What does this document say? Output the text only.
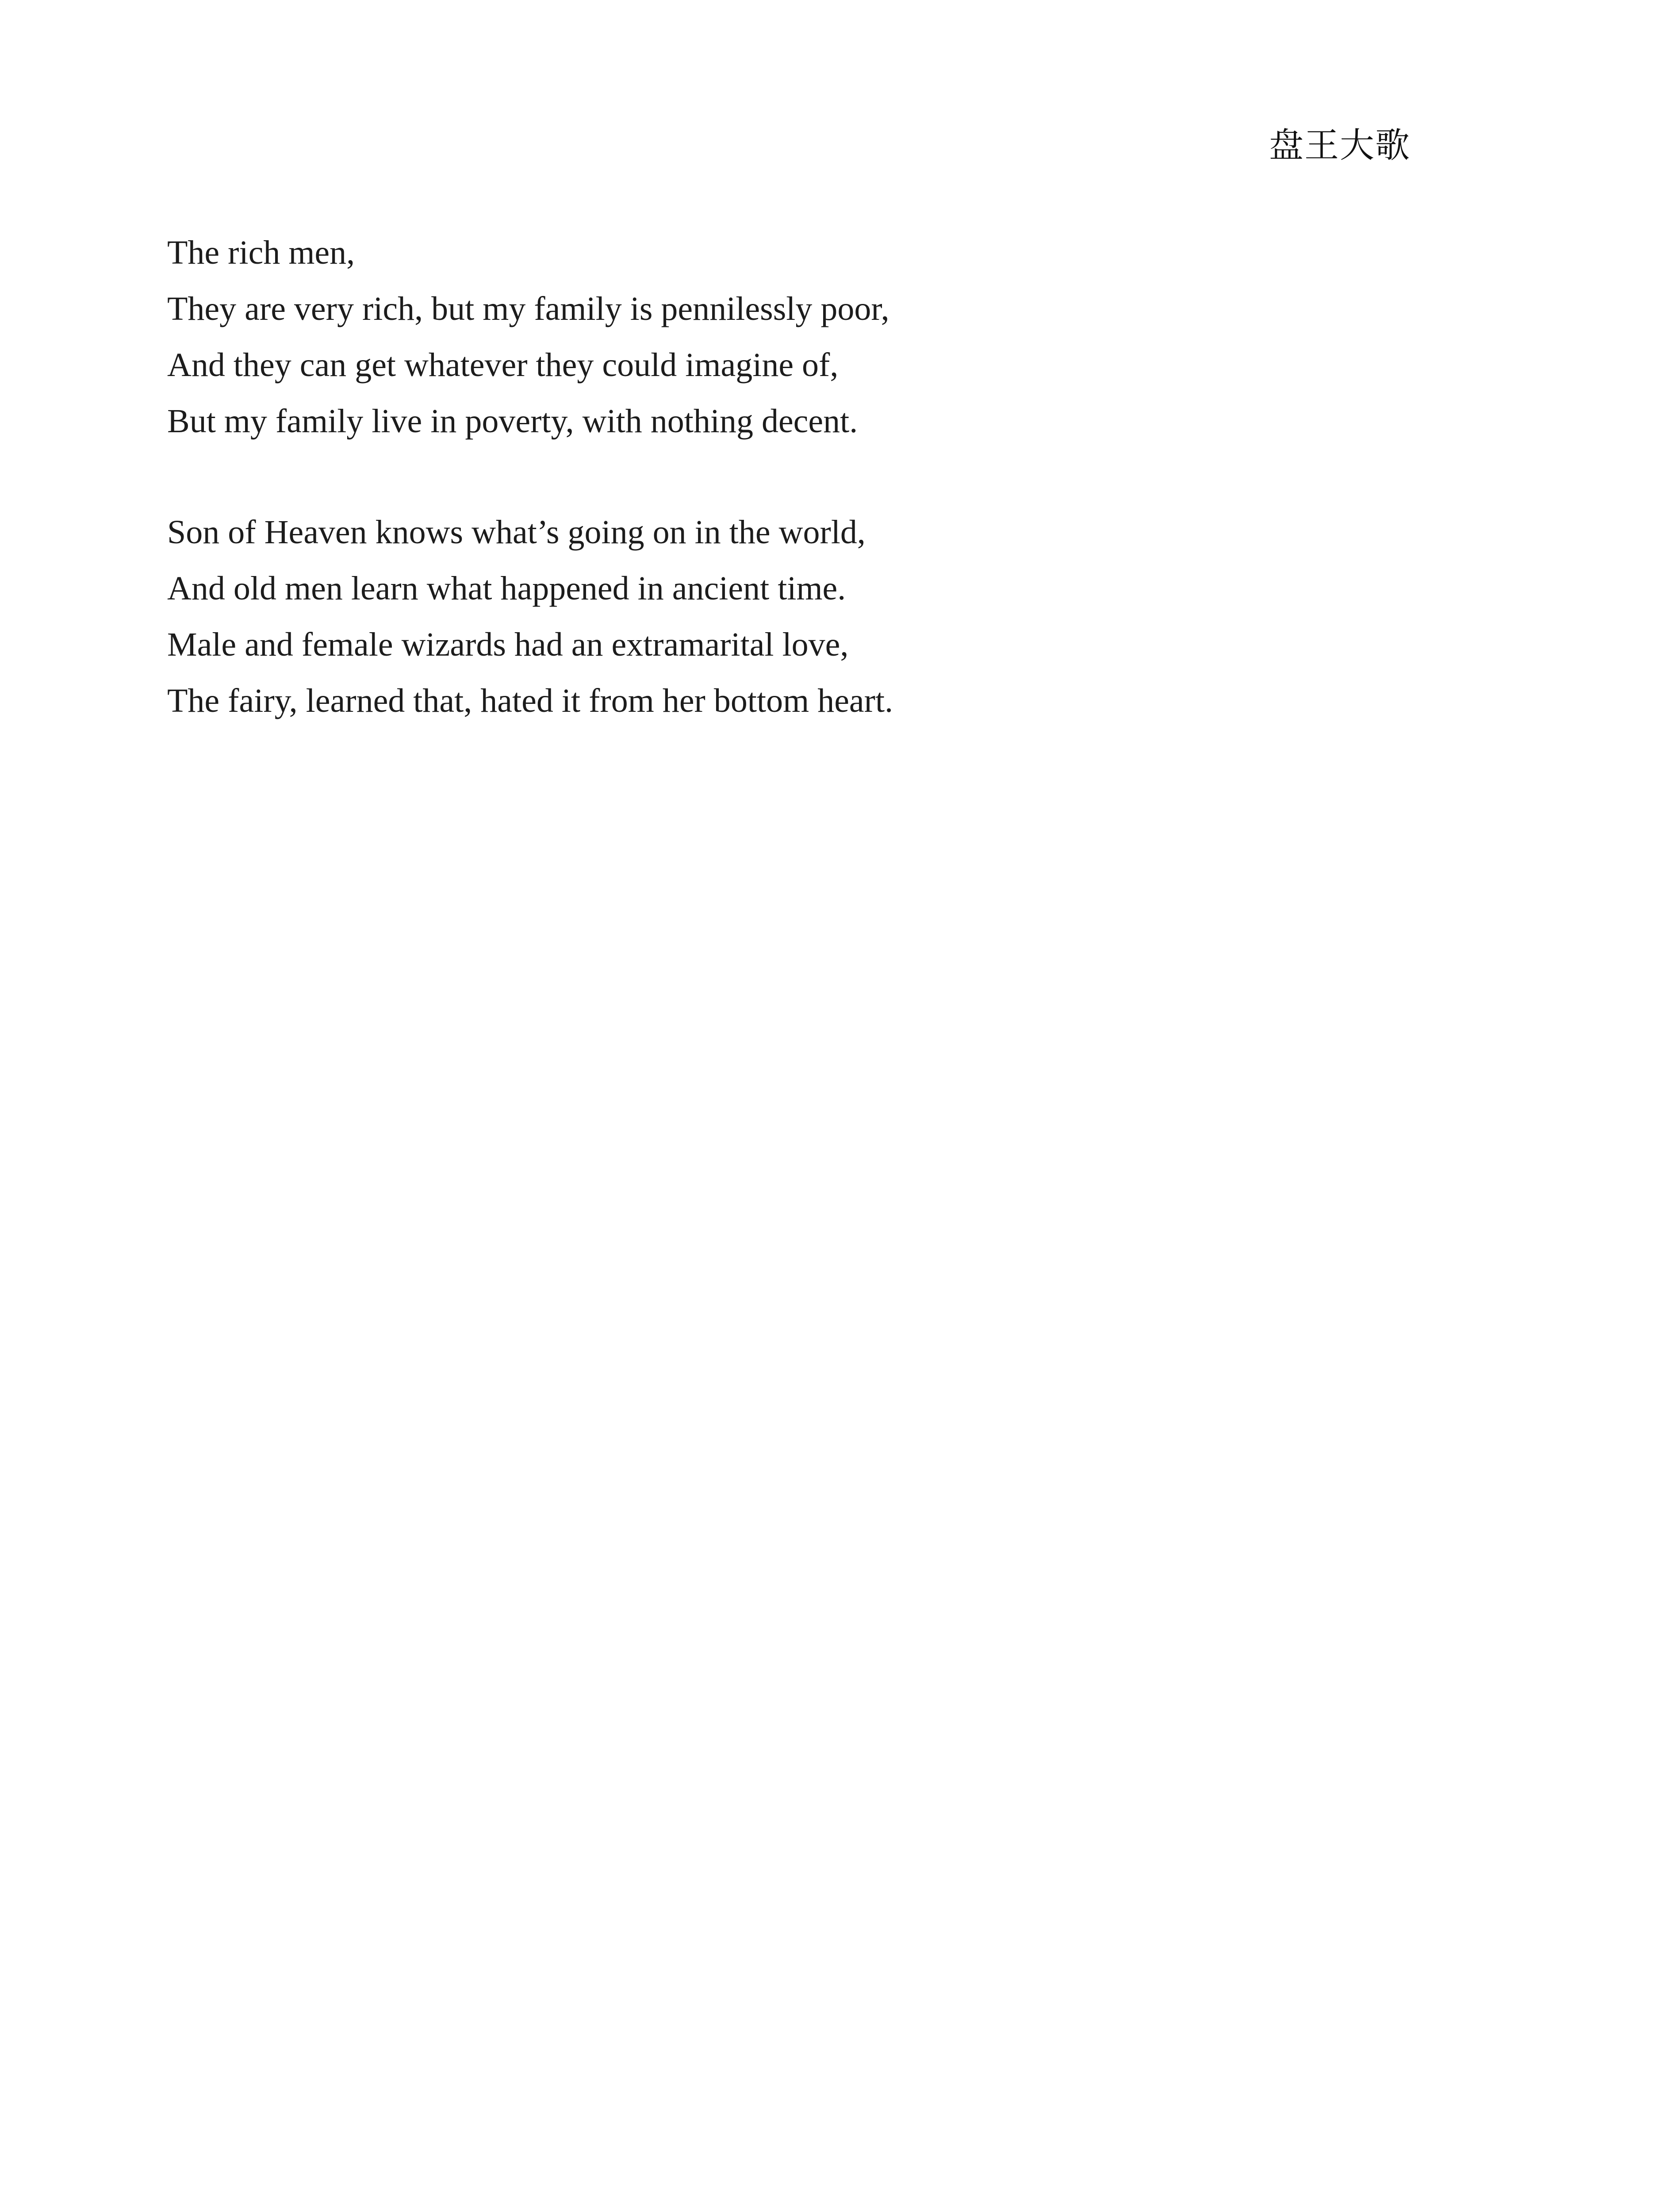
盘王大歌
The rich men,
They are very rich, but my family is pennilessly poor,
And they can get whatever they could imagine of,
But my family live in poverty, with nothing decent.
Son of Heaven knows what’s going on in the world,
And old men learn what happened in ancient time.
Male and female wizards had an extramarital love,
The fairy, learned that, hated it from her bottom heart.
